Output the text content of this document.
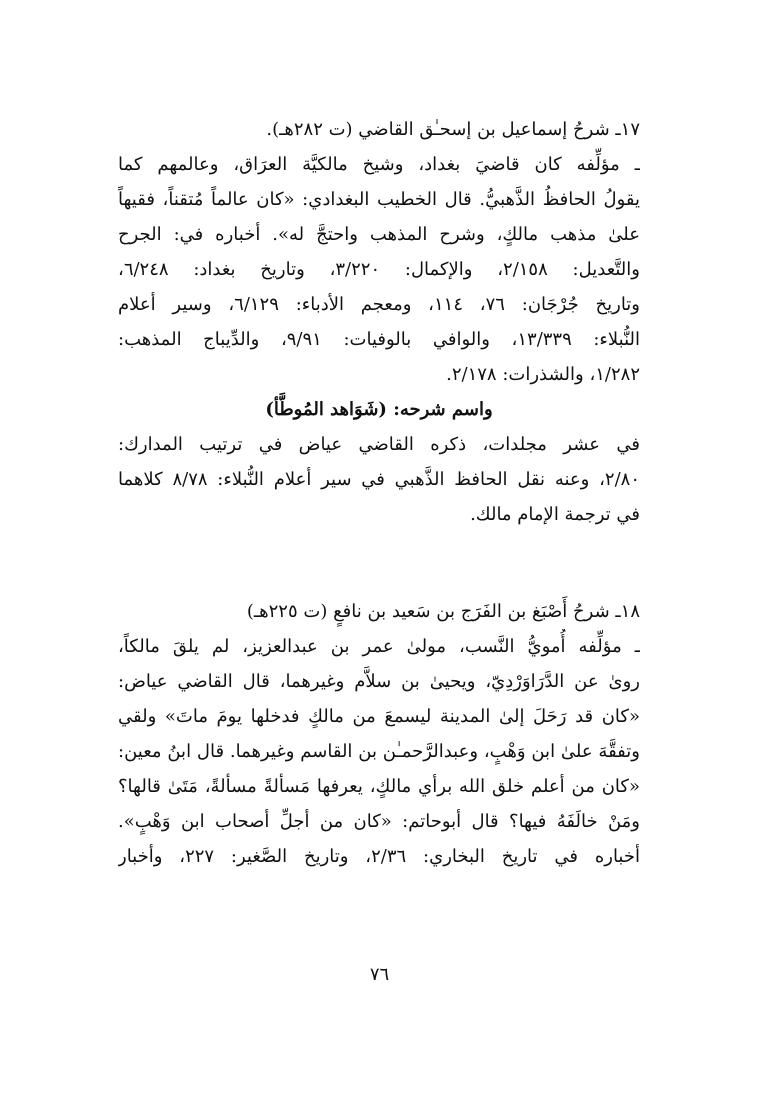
١٧ـ شرحُ إسماعيل بن إسحـٰق القاضي (ت ٢٨٢هـ).
ـ مؤلِّفه كان قاضيَ بغداد، وشيخ مالكيَّة العرَاق، وعالمهم كما
يقولُ الحافظُ الذَّهبيُّ. قال الخطيب البغدادي: «كان عالماً مُتقناً، فقيهاً
علىٰ مذهب مالكٍ، وشرح المذهب واحتجَّ له». أخباره في: الجرح
والتَّعديل: ٢/١٥٨، والإكمال: ٣/٢٢٠، وتاريخ بغداد: ٦/٢٤٨،
وتاريخ جُرْجَان: ٧٦، ١١٤، ومعجم الأدباء: ٦/١٢٩، وسير أعلام
النُّبلاء: ١٣/٣٣٩، والوافي بالوفيات: ٩/٩١، والدِّيباج المذهب:
١/٢٨٢، والشذرات: ٢/١٧٨.
واسم شرحه: (شَوَاهد المُوطَّأ)
في عشر مجلدات، ذكره القاضي عياض في ترتيب المدارك:
٢/٨٠، وعنه نقل الحافظ الذَّهبي في سير أعلام النُّبلاء: ٨/٧٨ كلاهما
في ترجمة الإمام مالك.
١٨ـ شرحُ أَصْبَغ بن الفَرَج بن سَعيد بن نافعٍ (ت ٢٢٥هـ)
ـ مؤلِّفه أُمويُّ النَّسب، مولىٰ عمر بن عبدالعزيز، لم يلقَ مالكاً،
روىٰ عن الدَّرَاوَرْدِيّ، ويحيىٰ بن سلاَّم وغيرهما، قال القاضي عياض:
«كان قد رَحَلَ إلىٰ المدينة ليسمعَ من مالكٍ فدخلها يومَ ماتَ» ولقي
وتفقَّهَ علىٰ ابن وَهْبٍ، وعبدالرَّحمـٰن بن القاسم وغيرهما. قال ابنُ معين:
«كان من أعلم خلق الله برأي مالكٍ، يعرفها مَسألةً مسألةً، مَتَىٰ قالها؟
ومَنْ خالَفَهُ فيها؟ قال أبوحاتم: «كان من أجلِّ أصحاب ابن وَهْبٍ».
أخباره في تاريخ البخاري: ٢/٣٦، وتاريخ الصَّغير: ٢٢٧، وأخبار
٧٦
